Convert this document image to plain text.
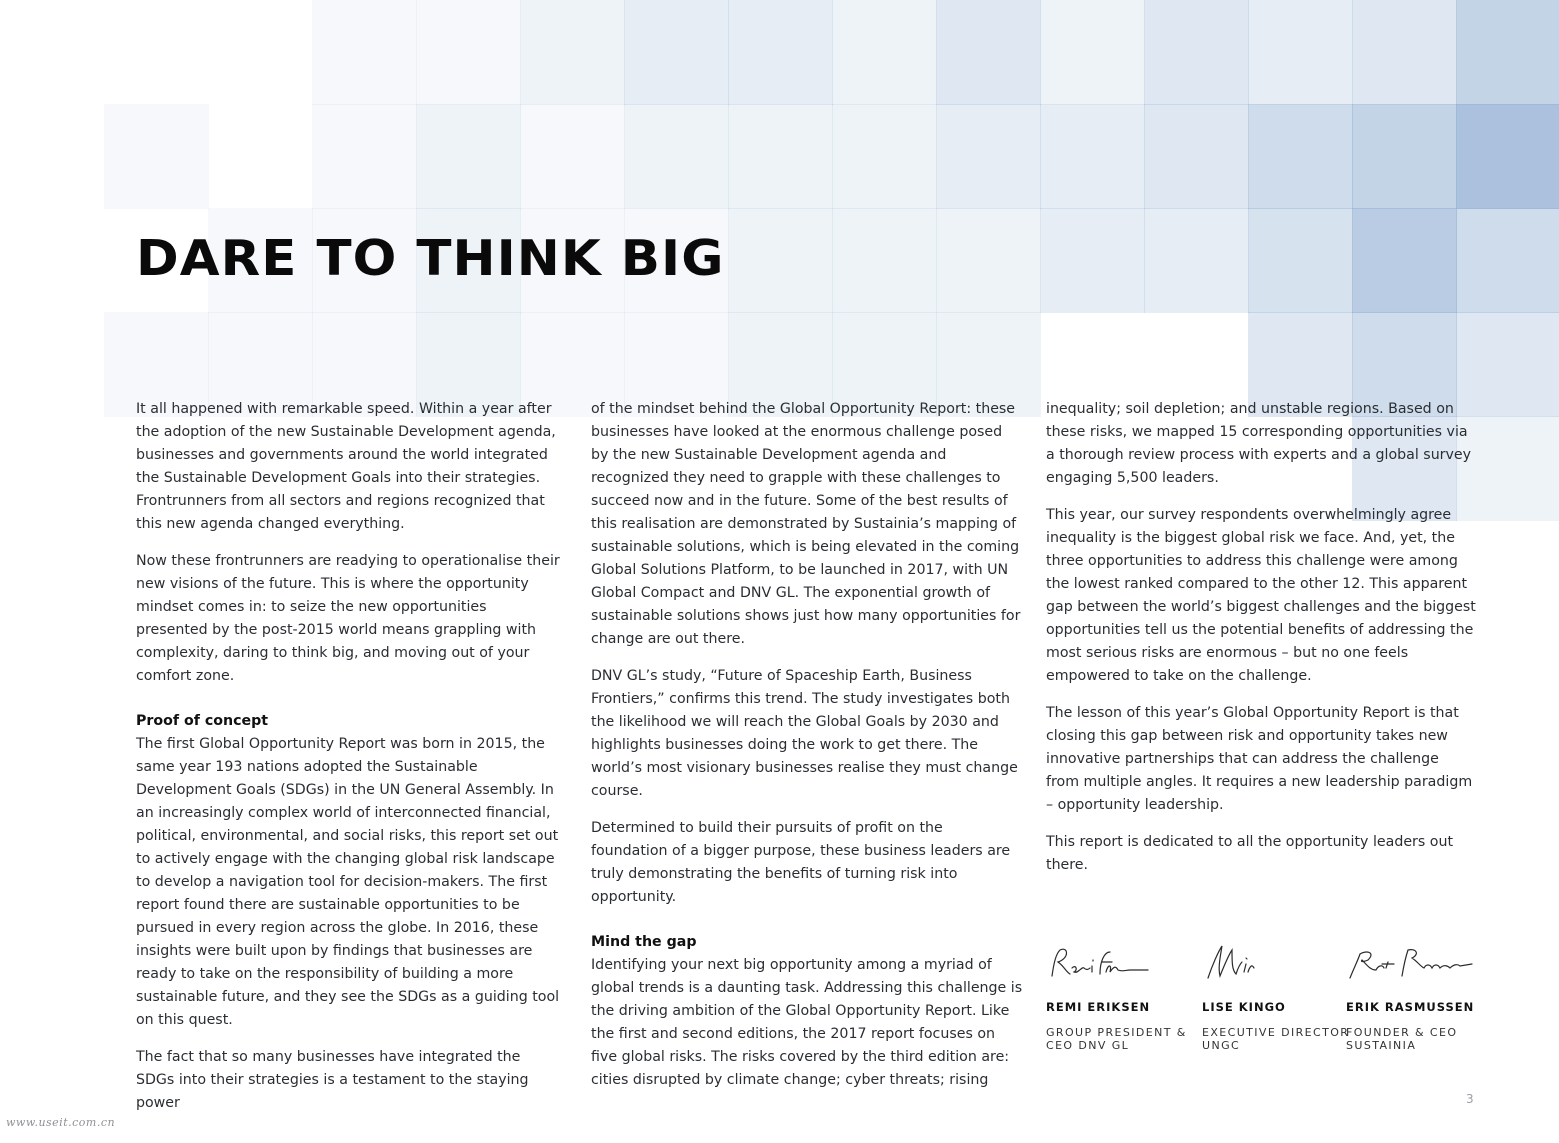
DARE TO THINK BIG

It all happened with remarkable speed. Within a year after the adoption of the new Sustainable Development agenda, businesses and governments around the world integrated the Sustainable Development Goals into their strategies. Frontrunners from all sectors and regions recognized that this new agenda changed everything.

Now these frontrunners are readying to operationalise their new visions of the future. This is where the opportunity mindset comes in: to seize the new opportunities presented by the post-2015 world means grappling with complexity, daring to think big, and moving out of your comfort zone.

Proof of concept

The first Global Opportunity Report was born in 2015, the same year 193 nations adopted the Sustainable Development Goals (SDGs) in the UN General Assembly. In an increasingly complex world of interconnected financial, political, environmental, and social risks, this report set out to actively engage with the changing global risk landscape to develop a navigation tool for decision-makers. The first report found there are sustainable opportunities to be pursued in every region across the globe. In 2016, these insights were built upon by findings that businesses are ready to take on the responsibility of building a more sustainable future, and they see the SDGs as a guiding tool on this quest.

The fact that so many businesses have integrated the SDGs into their strategies is a testament to the staying power

of the mindset behind the Global Opportunity Report: these businesses have looked at the enormous challenge posed by the new Sustainable Development agenda and recognized they need to grapple with these challenges to succeed now and in the future. Some of the best results of this realisation are demonstrated by Sustainia’s mapping of sustainable solutions, which is being elevated in the coming Global Solutions Platform, to be launched in 2017, with UN Global Compact and DNV GL. The exponential growth of sustainable solutions shows just how many opportunities for change are out there.

DNV GL’s study, “Future of Spaceship Earth, Business Frontiers,” confirms this trend. The study investigates both the likelihood we will reach the Global Goals by 2030 and highlights businesses doing the work to get there. The world’s most visionary businesses realise they must change course.

Determined to build their pursuits of profit on the foundation of a bigger purpose, these business leaders are truly demonstrating the benefits of turning risk into opportunity.

Mind the gap

Identifying your next big opportunity among a myriad of global trends is a daunting task. Addressing this challenge is the driving ambition of the Global Opportunity Report. Like the first and second editions, the 2017 report focuses on five global risks. The risks covered by the third edition are: cities disrupted by climate change; cyber threats; rising

inequality; soil depletion; and unstable regions. Based on these risks, we mapped 15 corresponding opportunities via a thorough review process with experts and a global survey engaging 5,500 leaders.

This year, our survey respondents overwhelmingly agree inequality is the biggest global risk we face. And, yet, the three opportunities to address this challenge were among the lowest ranked compared to the other 12. This apparent gap between the world’s biggest challenges and the biggest opportunities tell us the potential benefits of addressing the most serious risks are enormous – but no one feels empowered to take on the challenge.

The lesson of this year’s Global Opportunity Report is that closing this gap between risk and opportunity takes new innovative partnerships that can address the challenge from multiple angles. It requires a new leadership paradigm – opportunity leadership.

This report is dedicated to all the opportunity leaders out there.

REMI ERIKSEN
GROUP PRESIDENT & CEO DNV GL
LISE KINGO
EXECUTIVE DIRECTOR UNGC
ERIK RASMUSSEN
FOUNDER & CEO SUSTAINIA
3
www.useit.com.cn
